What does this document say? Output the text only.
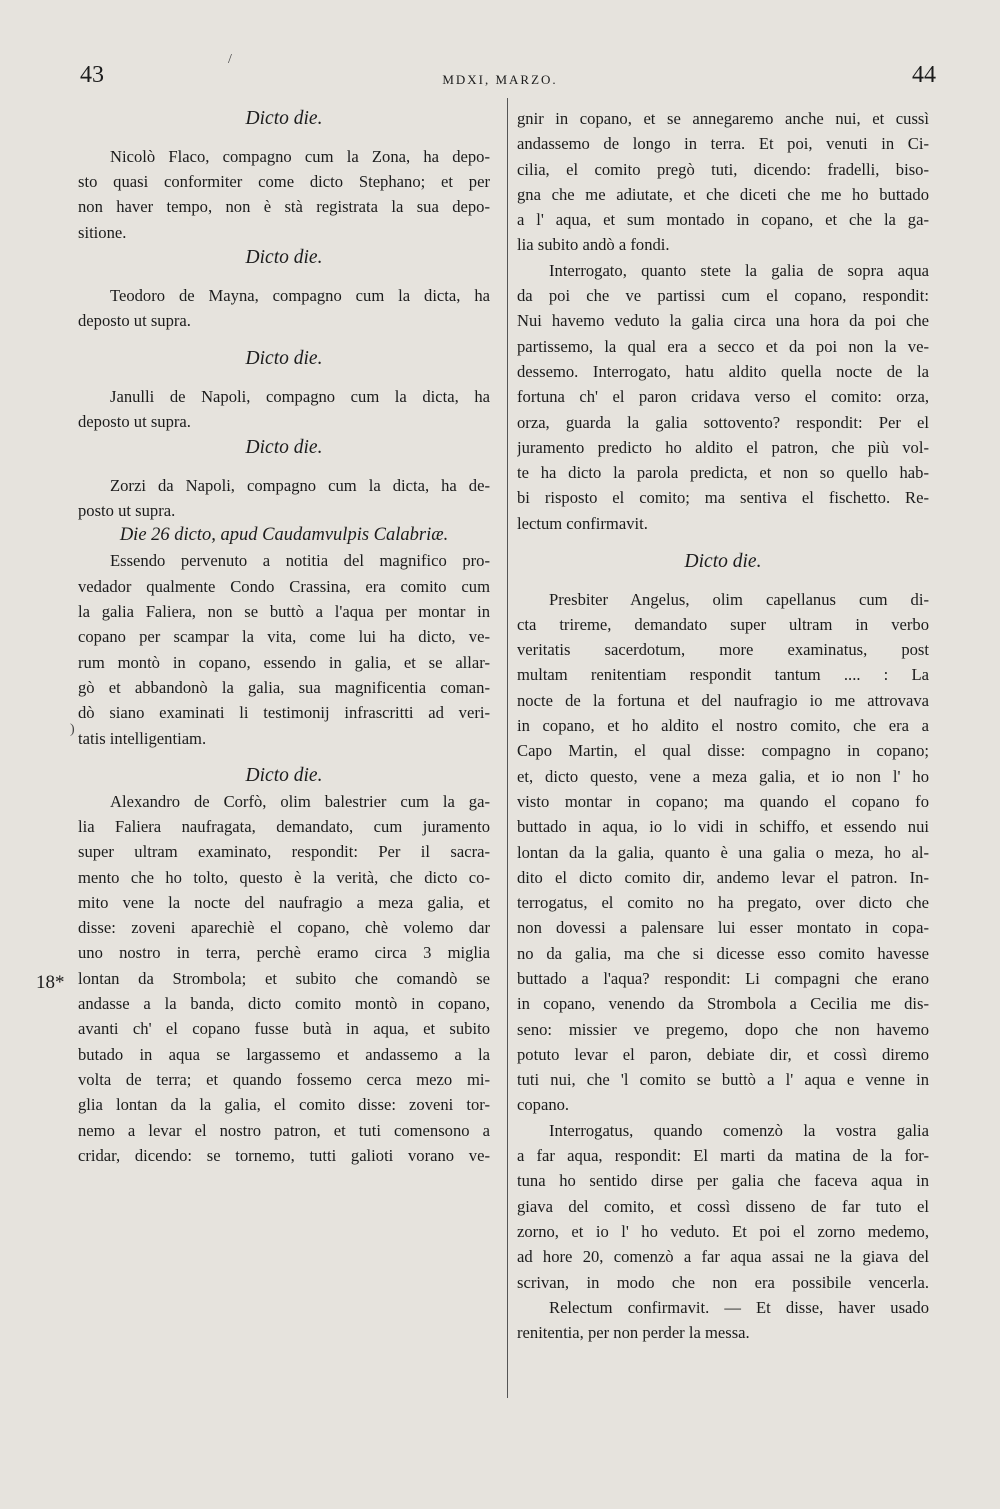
43	MDXI, MARZO.	44
18*
Dicto die.
Nicolò Flaco, compagno cum la Zona, ha depo-
sto quasi conformiter come dicto Stephano; et per
non haver tempo, non è stà registrata la sua depo-
sitione.
Dicto die.
Teodoro de Mayna, compagno cum la dicta, ha
deposto ut supra.
Dicto die.
Janulli de Napoli, compagno cum la dicta, ha
deposto ut supra.
Dicto die.
Zorzi da Napoli, compagno cum la dicta, ha de-
posto ut supra.
Die 26 dicto, apud Caudamvulpis Calabriæ.
Essendo pervenuto a notitia del magnifico pro-
vedador qualmente Condo Crassina, era comito cum
la galia Faliera, non se buttò a l'aqua per montar in
copano per scampar la vita, come lui ha dicto, ve-
rum montò in copano, essendo in galia, et se allar-
gò et abbandonò la galia, sua magnificentia coman-
dò siano examinati li testimonij infrascritti ad veri-
tatis intelligentiam.
Dicto die.
Alexandro de Corfò, olim balestrier cum la ga-
lia Faliera naufragata, demandato, cum juramento
super ultram examinato, respondit: Per il sacra-
mento che ho tolto, questo è la verità, che dicto co-
mito vene la nocte del naufragio a meza galia, et
disse: zoveni aparechiè el copano, chè volemo dar
uno nostro in terra, perchè eramo circa 3 miglia
lontan da Strombola; et subito che comandò se
andasse a la banda, dicto comito montò in copano,
avanti ch' el copano fusse butà in aqua, et subito
butado in aqua se largassemo et andassemo a la
volta de terra; et quando fossemo cerca mezo mi-
glia lontan da la galia, el comito disse: zoveni tor-
nemo a levar el nostro patron, et tuti comensono a
cridar, dicendo: se tornemo, tutti galioti vorano ve-
gnir in copano, et se annegaremo anche nui, et cussì
andassemo de longo in terra. Et poi, venuti in Ci-
cilia, el comito pregò tuti, dicendo: fradelli, biso-
gna che me adiutate, et che diceti che me ho buttado
a l' aqua, et sum montado in copano, et che la ga-
lia subito andò a fondi.
Interrogato, quanto stete la galia de sopra aqua
da poi che ve partissi cum el copano, respondit:
Nui havemo veduto la galia circa una hora da poi che
partissemo, la qual era a secco et da poi non la ve-
dessemo. Interrogato, hatu aldito quella nocte de la
fortuna ch' el paron cridava verso el comito: orza,
orza, guarda la galia sottovento? respondit: Per el
juramento predicto ho aldito el patron, che più vol-
te ha dicto la parola predicta, et non so quello hab-
bi risposto el comito; ma sentiva el fischetto. Re-
lectum confirmavit.
Dicto die.
Presbiter Angelus, olim capellanus cum di-
cta trireme, demandato super ultram in verbo
veritatis sacerdotum, more examinatus, post
multam renitentiam respondit tantum .... : La
nocte de la fortuna et del naufragio io me attrovava
in copano, et ho aldito el nostro comito, che era a
Capo Martin, el qual disse: compagno in copano;
et, dicto questo, vene a meza galia, et io non l' ho
visto montar in copano; ma quando el copano fo
buttado in aqua, io lo vidi in schiffo, et essendo nui
lontan da la galia, quanto è una galia o meza, ho al-
dito el dicto comito dir, andemo levar el patron. In-
terrogatus, el comito no ha pregato, over dicto che
non dovessi a palensare lui esser montato in copa-
no da galia, ma che si dicesse esso comito havesse
buttado a l'aqua? respondit: Li compagni che erano
in copano, venendo da Strombola a Cecilia me dis-
seno: missier ve pregemo, dopo che non havemo
potuto levar el paron, debiate dir, et cossì diremo
tuti nui, che 'l comito se buttò a l' aqua e venne in
copano.
Interrogatus, quando comenzò la vostra galia
a far aqua, respondit: El marti da matina de la for-
tuna ho sentido dirse per galia che faceva aqua in
giava del comito, et cossì disseno de far tuto el
zorno, et io l' ho veduto. Et poi el zorno medemo,
ad hore 20, comenzò a far aqua assai ne la giava del
scrivan, in modo che non era possibile vencerla.
Relectum confirmavit. — Et disse, haver usado
renitentia, per non perder la messa.
/
)
